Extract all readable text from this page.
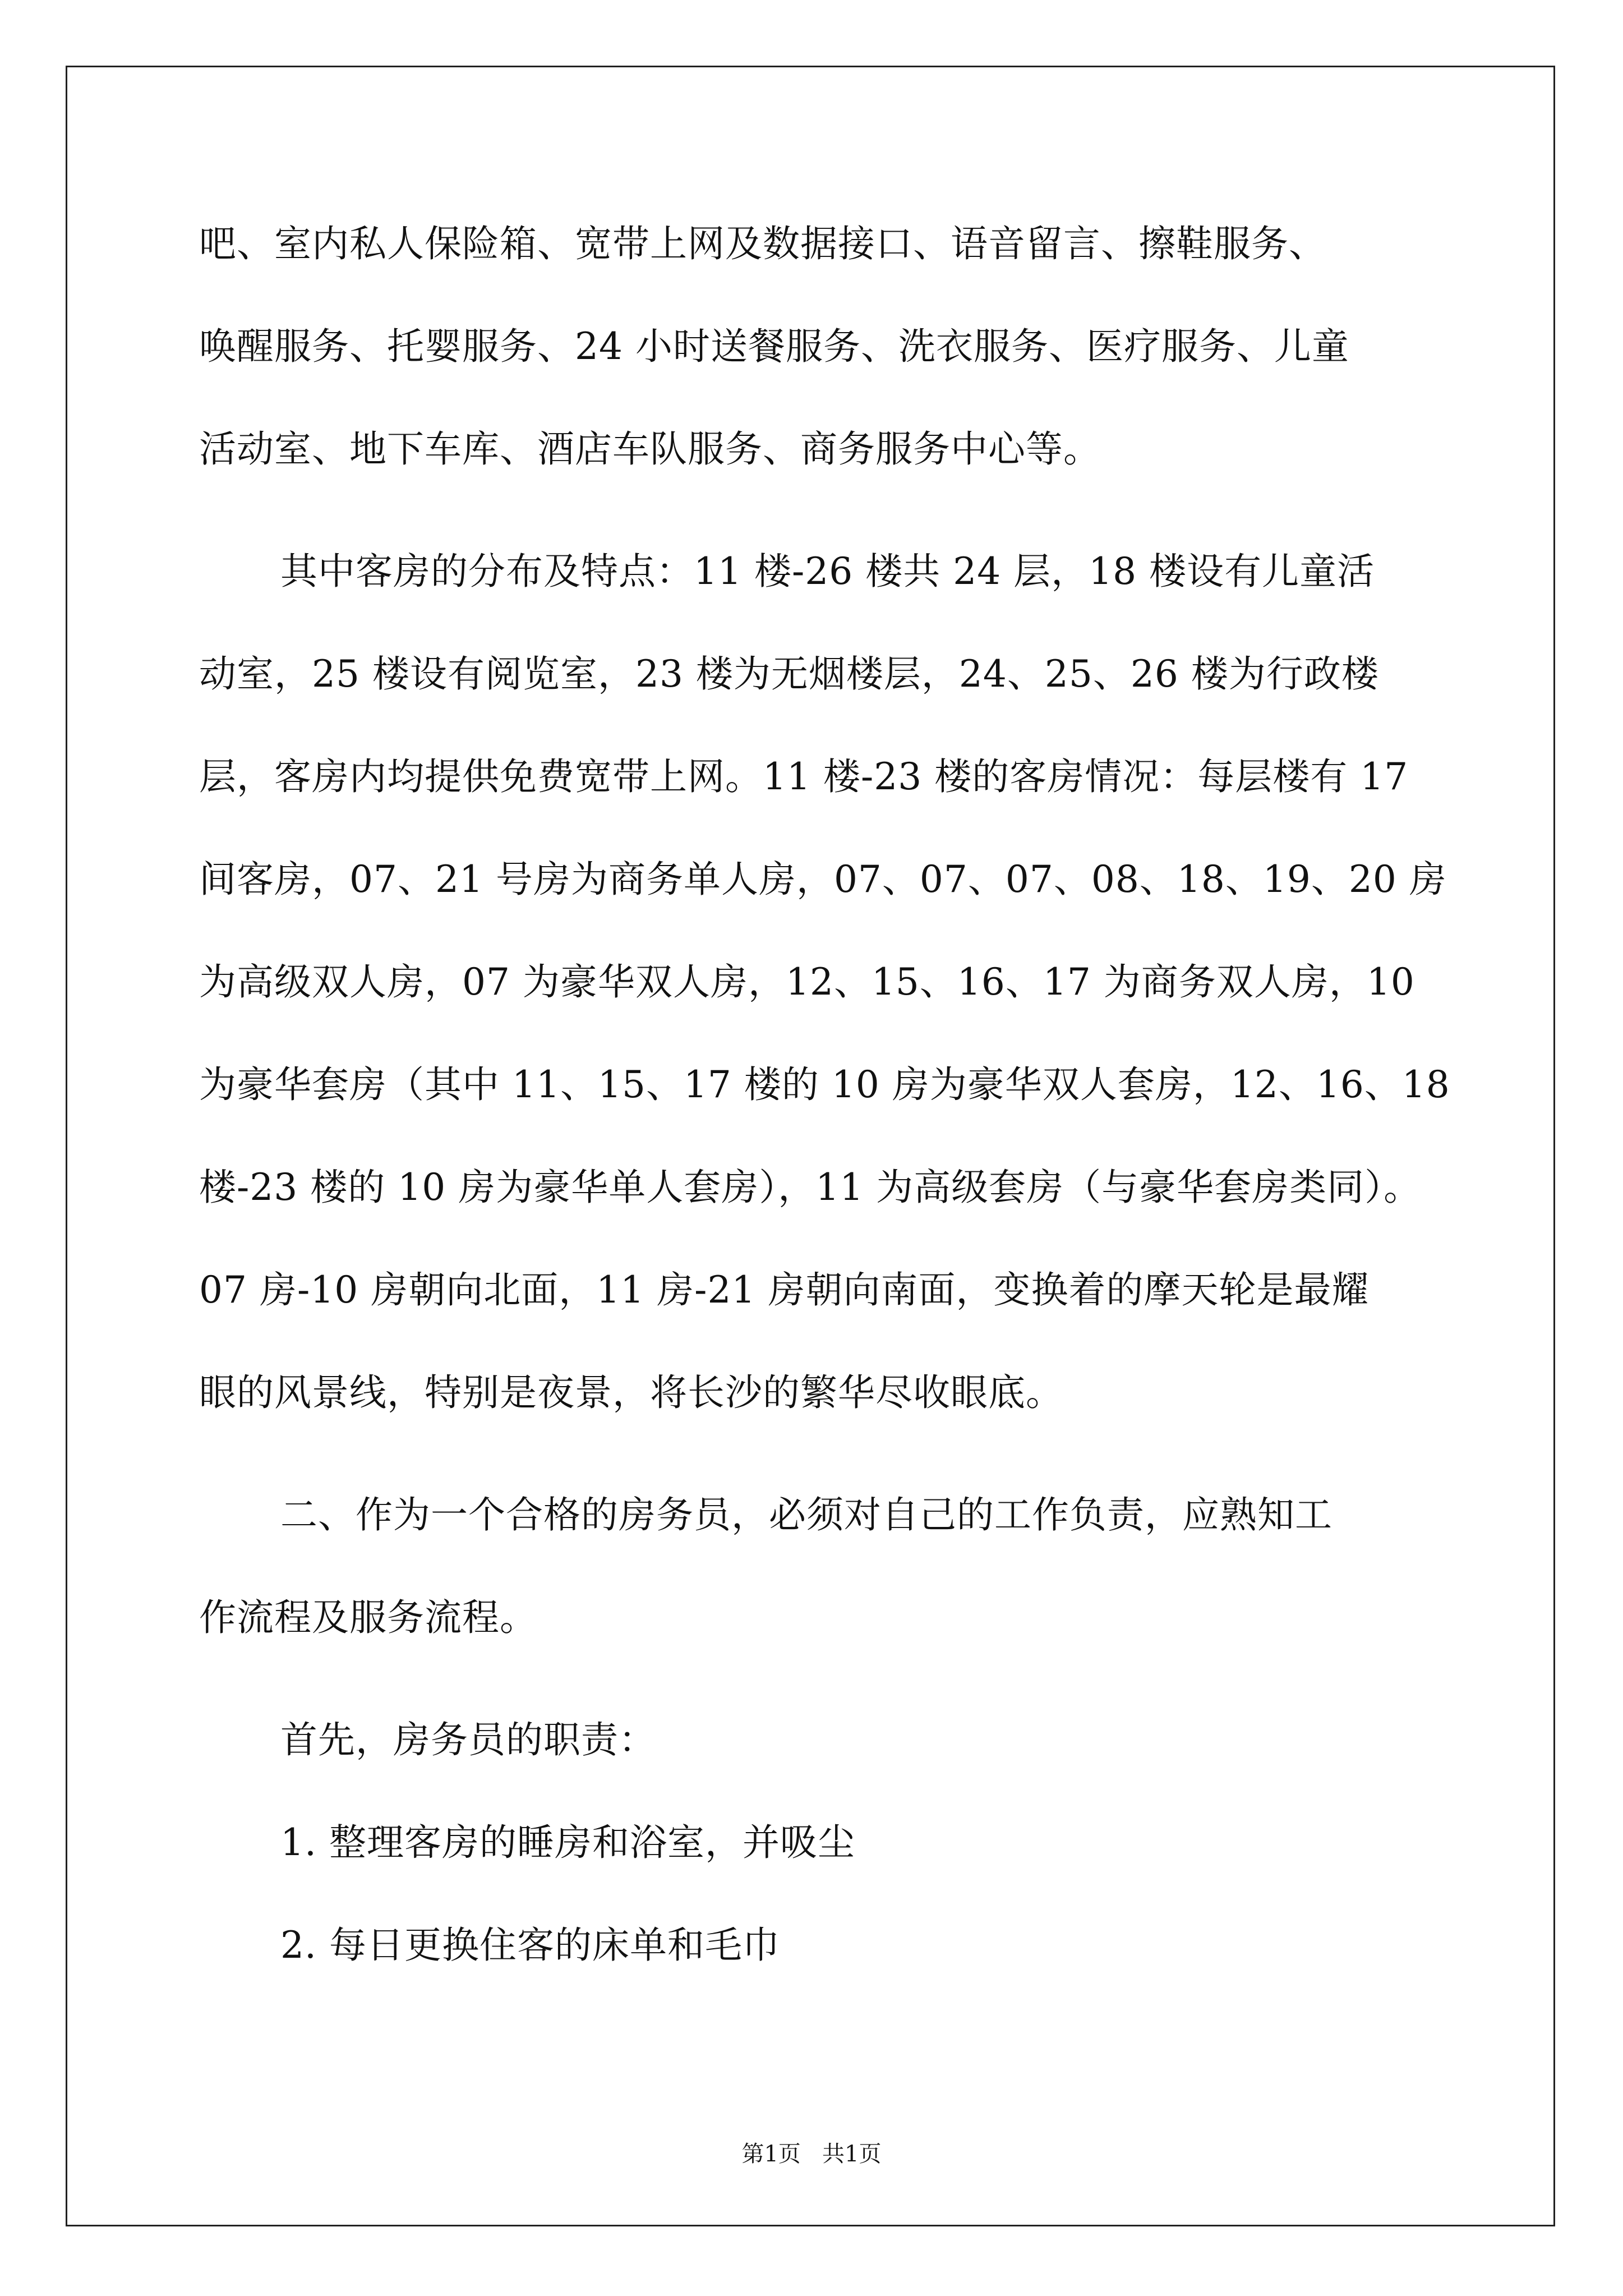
吧、室内私人保险箱、宽带上网及数据接口、语音留言、擦鞋服务、
唤醒服务、托婴服务、24 小时送餐服务、洗衣服务、医疗服务、儿童
活动室、地下车库、酒店车队服务、商务服务中心等。
其中客房的分布及特点：11 楼-26 楼共 24 层，18 楼设有儿童活
动室，25 楼设有阅览室，23 楼为无烟楼层，24、25、26 楼为行政楼
层，客房内均提供免费宽带上网。11 楼-23 楼的客房情况：每层楼有 17
间客房，07、21 号房为商务单人房，07、07、07、08、18、19、20 房
为高级双人房，07 为豪华双人房，12、15、16、17 为商务双人房，10
为豪华套房（其中 11、15、17 楼的 10 房为豪华双人套房，12、16、18
楼-23 楼的 10 房为豪华单人套房），11 为高级套房（与豪华套房类同）。
07 房-10 房朝向北面，11 房-21 房朝向南面，变换着的摩天轮是最耀
眼的风景线，特别是夜景，将长沙的繁华尽收眼底。
二、作为一个合格的房务员，必须对自己的工作负责，应熟知工
作流程及服务流程。
首先，房务员的职责：
1. 整理客房的睡房和浴室，并吸尘
2. 每日更换住客的床单和毛巾
第1页   共1页
